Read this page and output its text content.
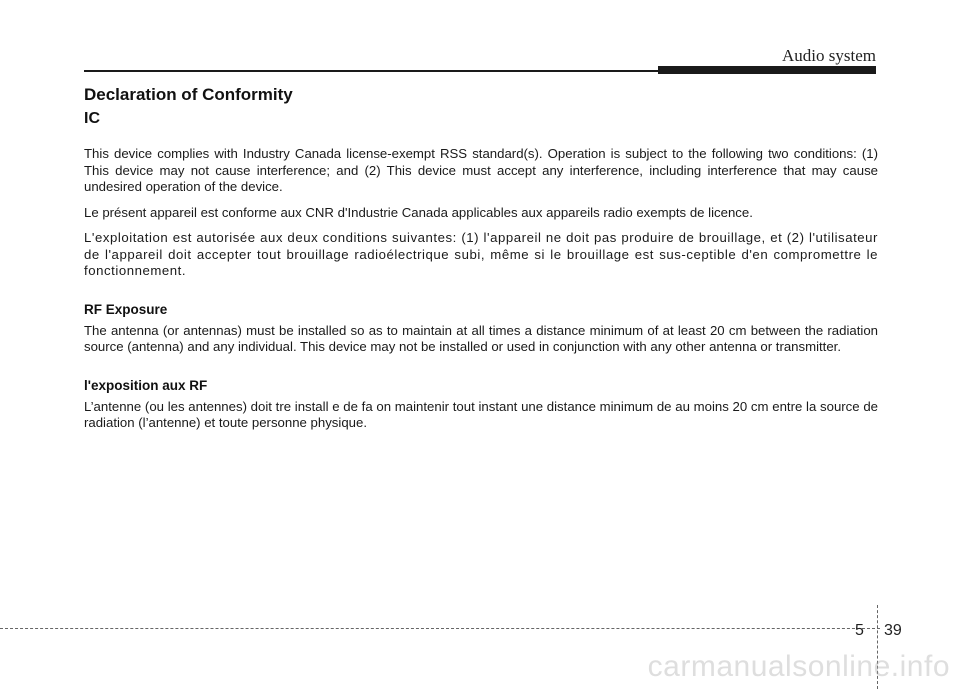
Audio system
Declaration of Conformity
IC

This device complies with Industry Canada license-exempt RSS standard(s). Operation is subject to the following two conditions: (1) This device may not cause interference; and (2) This device must accept any interference, including interference that may cause undesired operation of the device.

Le présent appareil est conforme aux CNR d'Industrie Canada applicables aux appareils radio exempts de licence.

L'exploitation est autorisée aux deux conditions suivantes: (1) l'appareil ne doit pas produire de brouillage, et (2) l'utilisateur de l'appareil doit accepter tout brouillage radioélectrique subi, même si le brouillage est sus-ceptible d'en compromettre le fonctionnement.

RF Exposure

The antenna (or antennas) must be installed so as to maintain at all times a distance minimum of at least 20 cm between the radiation source (antenna) and any individual. This device may not be installed or used in conjunction with any other antenna or transmitter.

l'exposition aux RF

L’antenne (ou les antennes) doit tre install e de fa on maintenir tout instant une distance minimum de au moins 20 cm entre la source de radiation (l’antenne) et toute personne physique.

5 39
carmanualsonline.info
